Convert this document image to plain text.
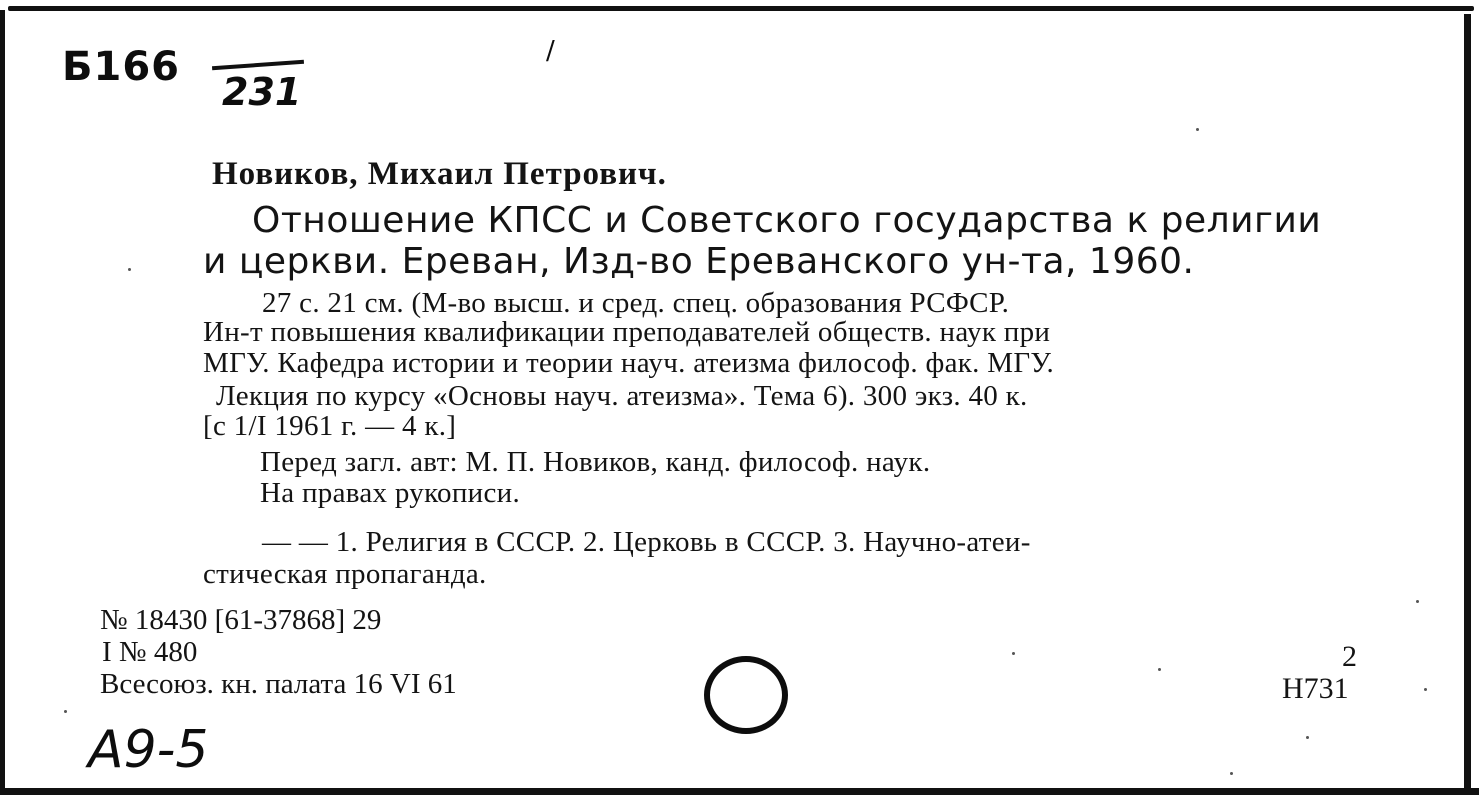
Б166

231

/

Новиков, Михаил Петрович.

Отношение КПСС и Советского государства к религии

и церкви. Ереван, Изд-во Ереванского ун-та, 1960.

27 с. 21 см. (М-во высш. и сред. спец. образования РСФСР.

Ин-т повышения квалификации преподавателей обществ. наук при

МГУ. Кафедра истории и теории науч. атеизма философ. фак. МГУ.

Лекция по курсу «Основы науч. атеизма». Тема 6). 300 экз. 40 к.

[с 1/I 1961 г. — 4 к.]

Перед загл. авт: М. П. Новиков, канд. философ. наук.

На правах рукописи.

— — 1. Религия в СССР. 2. Церковь в СССР. 3. Научно-атеи-

стическая пропаганда.

№ 18430 [61-37868] 29

I № 480

Всесоюз. кн. палата 16 VI 61

2

Н731

А9-5
